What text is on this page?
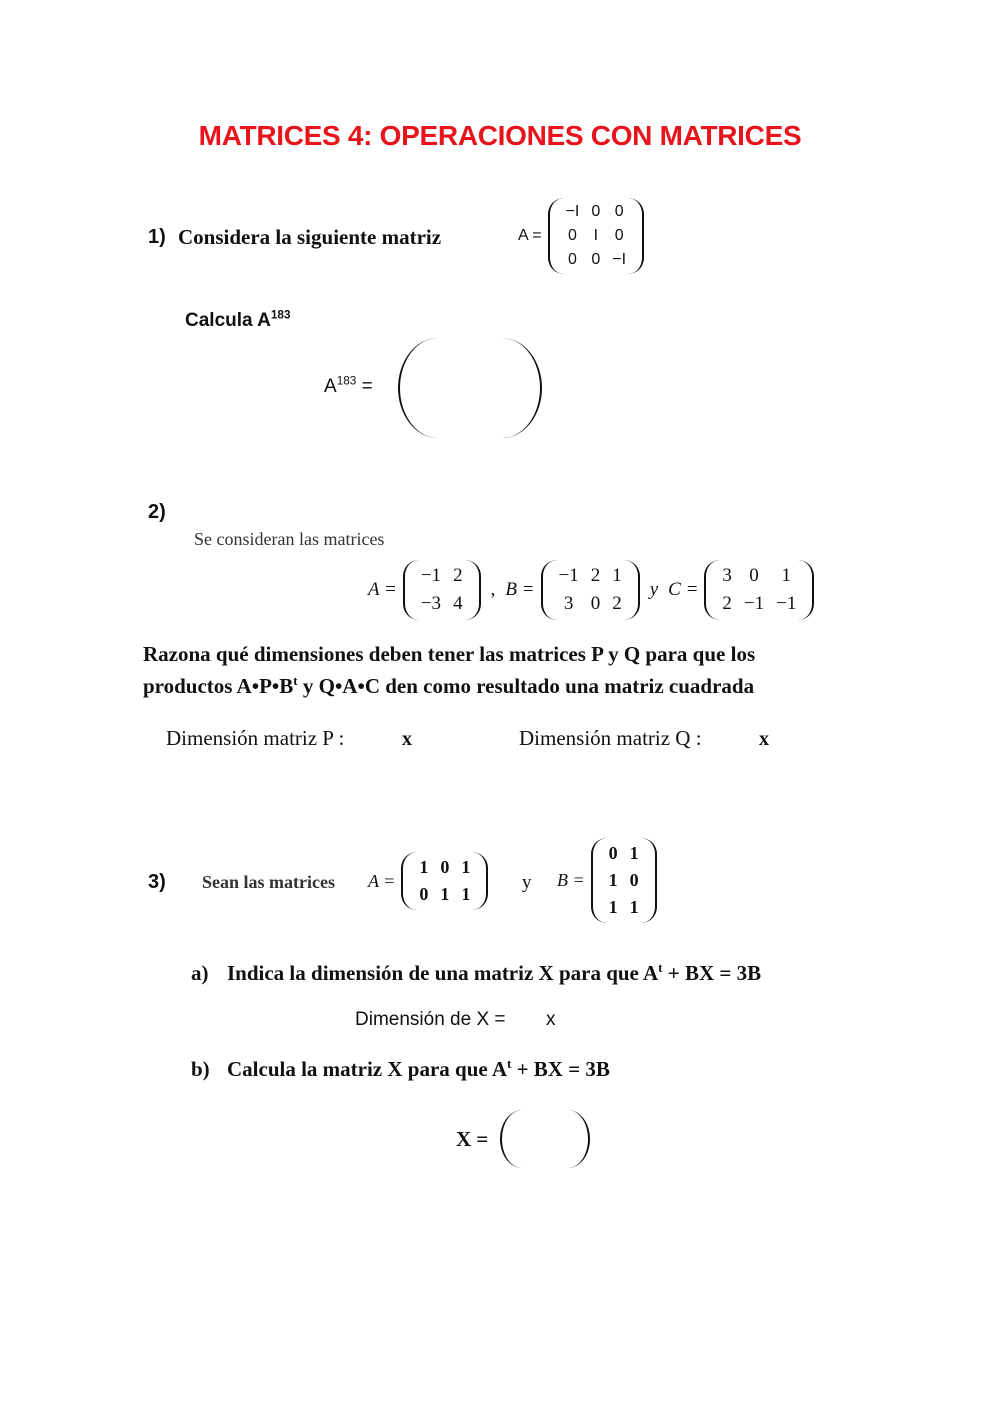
MATRICES 4: OPERACIONES CON MATRICES
1) Considera la siguiente matriz	A =
−I 0 0
0	I	0
0 0 −I
Calcula $A^{183}$
$A^{183}$ =
2)
Se consideran las matrices
A =
−1 2
−3 4
, B =
−1 2 1
3 0 2
y C =
3 0	1
2 −1 −1
Razona qué dimensiones deben tener las matrices P y Q para que los
productos $A•P•B^t$ y Q•A•C den como resultado una matriz cuadrada
Dimensión matriz P :	x	Dimensión matriz Q :	x
3) Sean las matrices A =
1 0 1
0 1 1
y B =
0 1
1 0
1 1
a) Indica la dimensión de una matriz X para que $A^t$ + BX = 3B
Dimensión de X = x
b) Calcula la matriz X para que $A^t$ + BX = 3B
X =
